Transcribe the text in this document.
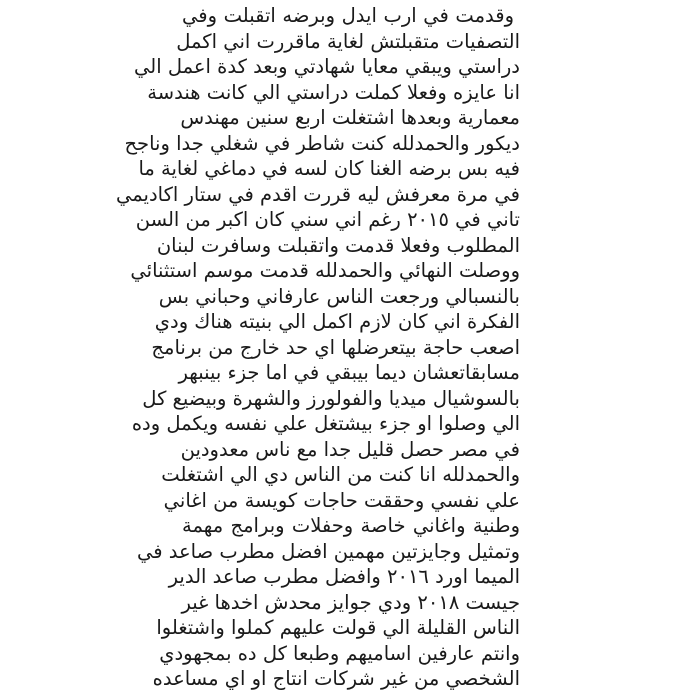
وقدمت في ارب ايدل وبرضه اتقبلت وفي
التصفيات متقبلتش لغاية ماقررت اني اكمل
دراستي ويبقي معايا شهادتي وبعد كدة اعمل الي
انا عايزه وفعلا كملت دراستي الي كانت هندسة
معمارية وبعدها اشتغلت اربع سنين مهندس
ديكور والحمدلله كنت شاطر في شغلي جدا وناجح
فيه بس برضه الغنا كان لسه في دماغي لغاية ما
في مرة معرفش ليه قررت اقدم في ستار اكاديمي
تاني في ٢٠١٥ رغم اني سني كان اكبر من السن
المطلوب وفعلا قدمت واتقبلت وسافرت لبنان
ووصلت النهائي والحمدلله قدمت موسم استثنائي
بالنسبالي ورجعت الناس عارفاني وحباني بس
الفكرة اني كان لازم اكمل الي بنيته هناك ودي
اصعب حاجة بيتعرضلها اي حد خارج من برنامج
مسابقاتعشان ديما بيبقي في اما جزء بينبهر
بالسوشيال ميديا والفولورز والشهرة وبيضيع كل
الي وصلوا او جزء بيشتغل علي نفسه ويكمل وده
في مصر حصل قليل جدا مع ناس معدودين
والحمدلله انا كنت من الناس دي الي اشتغلت
علي نفسي وحققت حاجات كويسة من اغاني
وطنية واغاني خاصة وحفلات وبرامج مهمة
وتمثيل وجايزتين مهمين افضل مطرب صاعد في
الميما اورد ٢٠١٦ وافضل مطرب صاعد الدير
جيست ٢٠١٨ ودي جوايز محدش اخدها غير
الناس القليلة الي قولت عليهم كملوا واشتغلوا
وانتم عارفين اساميهم وطبعا كل ده بمجهودي
الشخصي من غير شركات انتاج او اي مساعده
